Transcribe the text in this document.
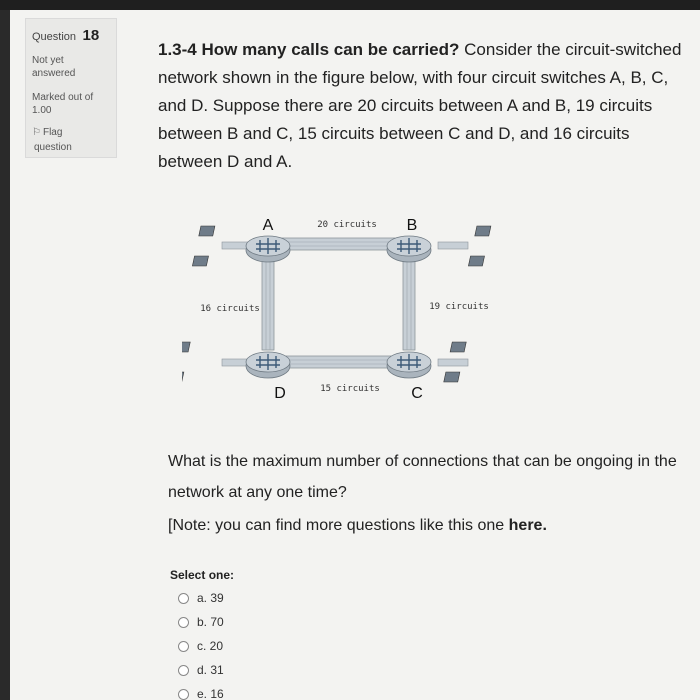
Question 18
Not yet
answered
Marked out of
1.00
⚐ Flag
question

1.3-4 How many calls can be carried? Consider the circuit-switched network shown in the figure below, with four circuit switches A, B, C, and D. Suppose there are 20 circuits between A and B, 19 circuits between B and C, 15 circuits between C and D, and 16 circuits between D and A.

A	B
D	C
20 circuits
16 circuits	19 circuits
15 circuits

What is the maximum number of connections that can be ongoing in the network at any one time?

[Note: you can find more questions like this one here.

Select one:
a. 39
b. 70
c. 20
d. 31
e. 16
